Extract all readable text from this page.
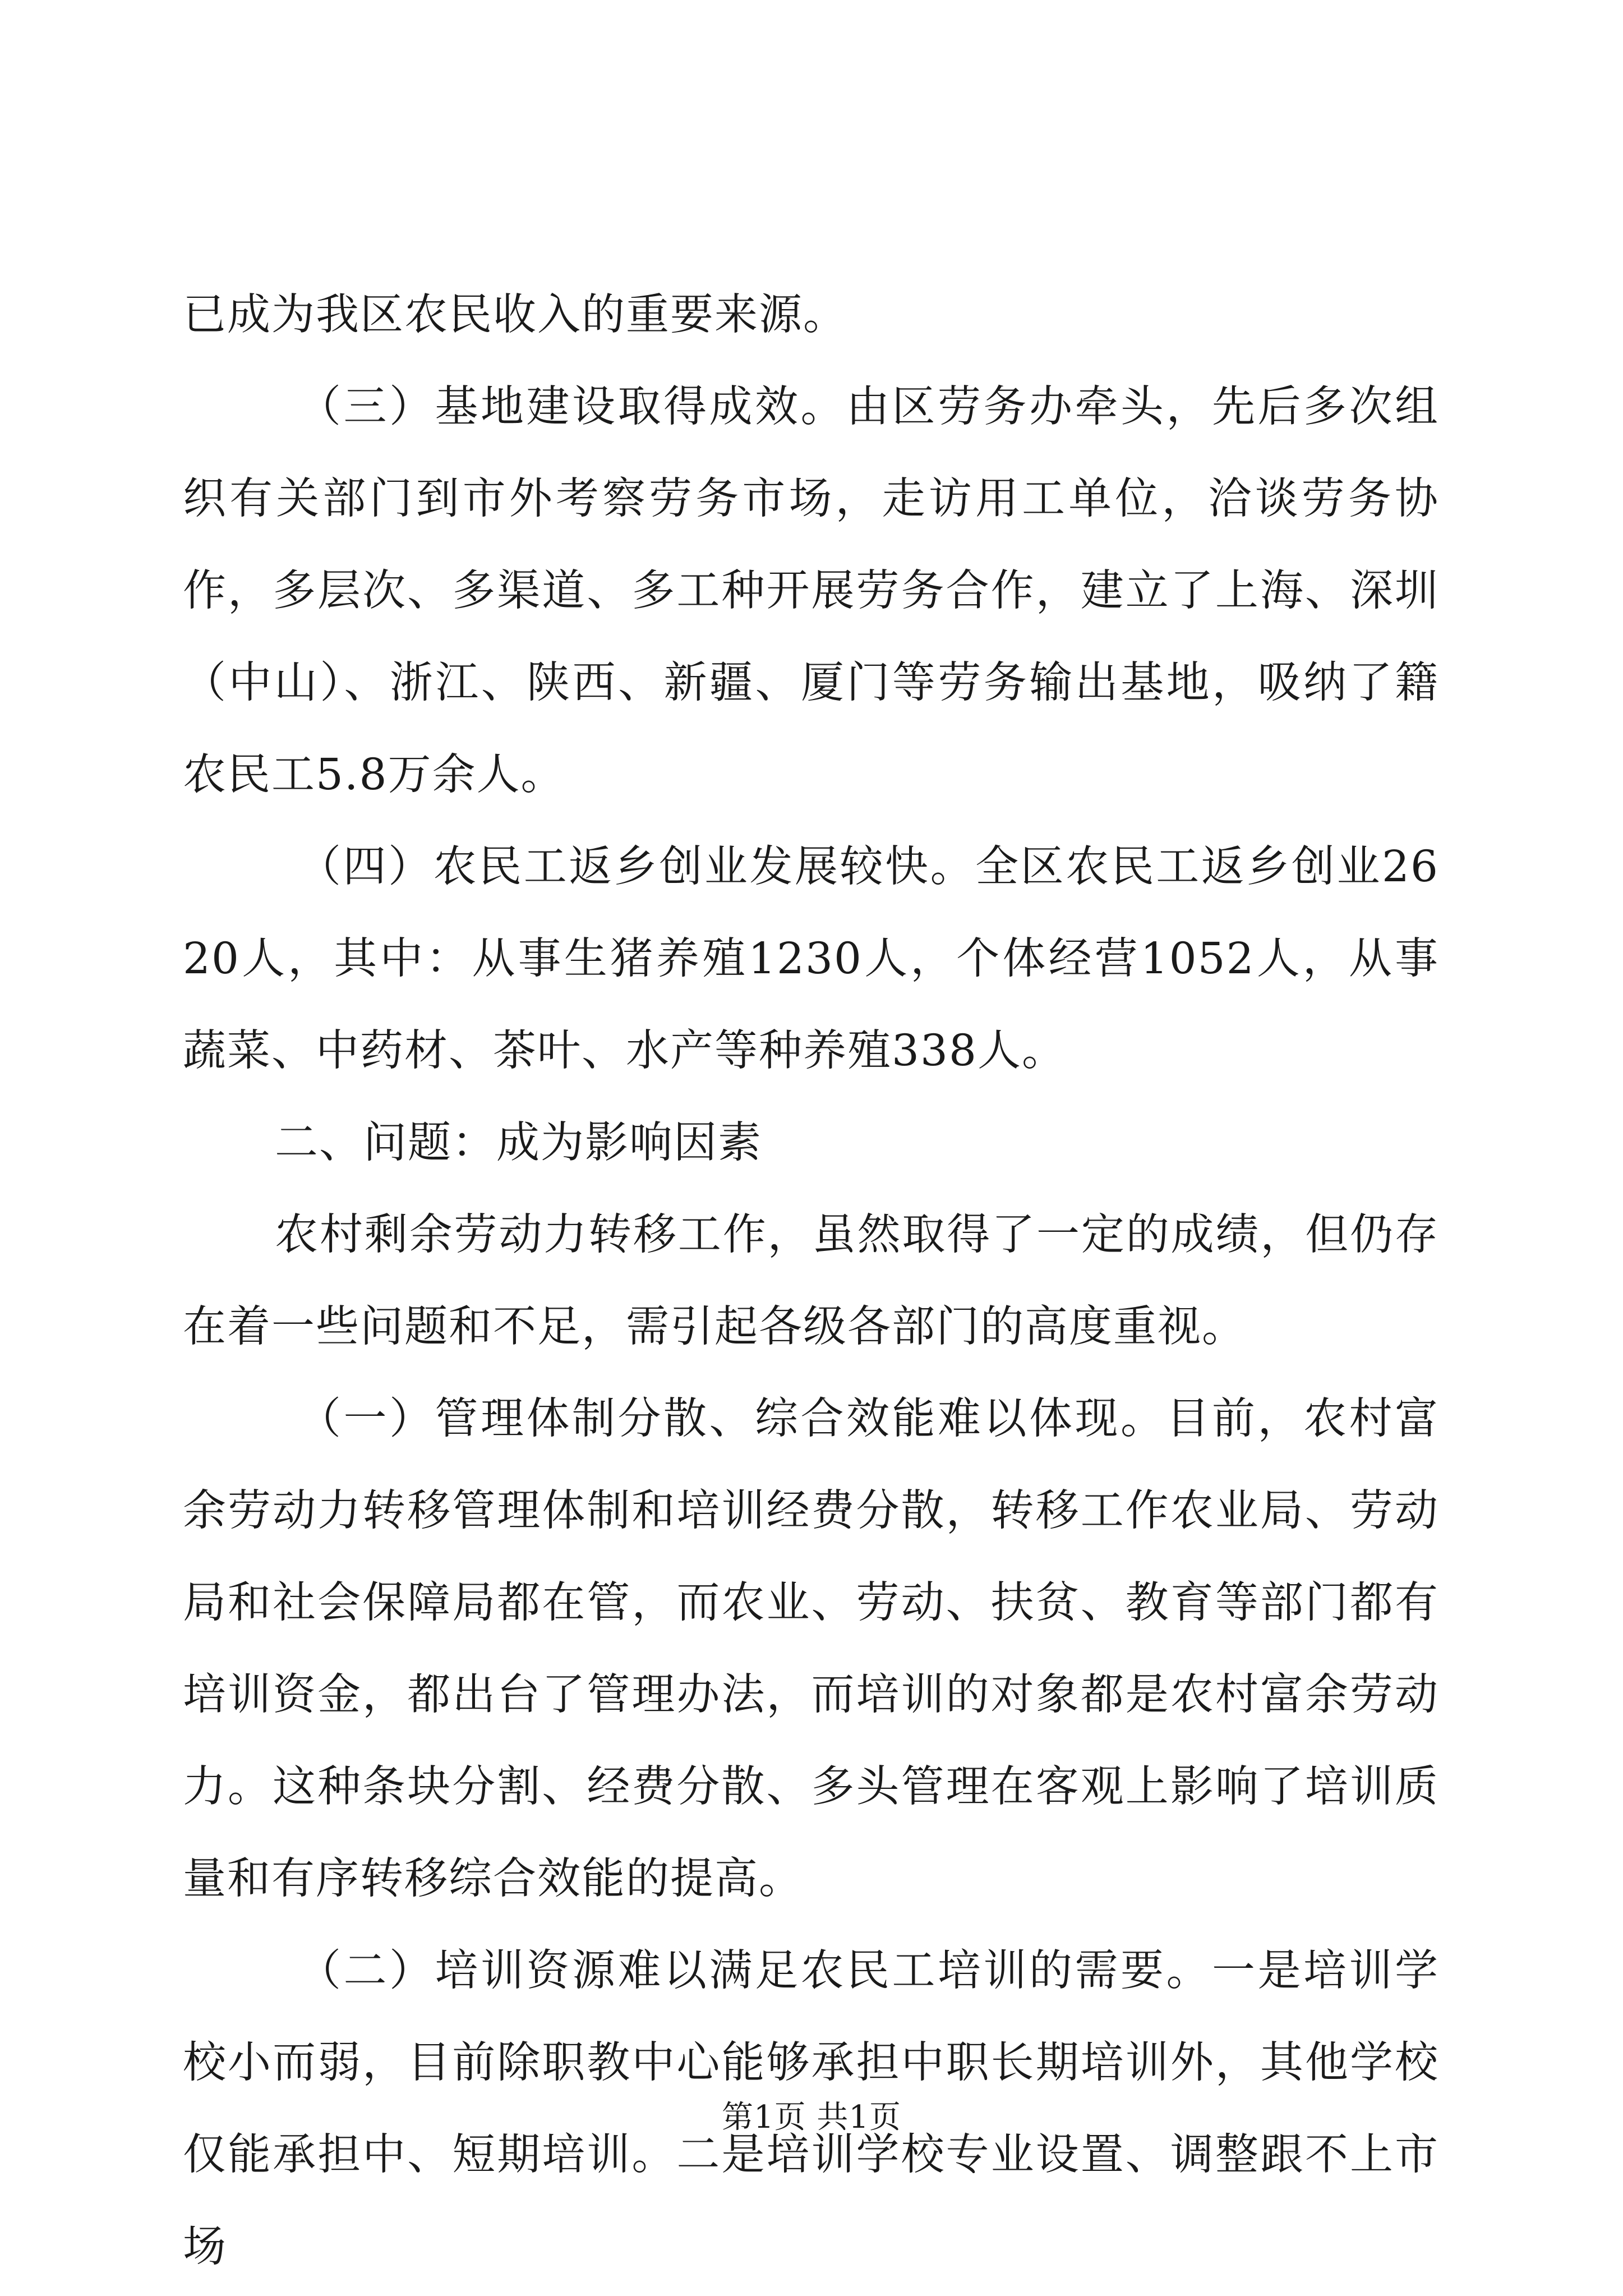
已成为我区农民收入的重要来源。

（三）基地建设取得成效。由区劳务办牵头，先后多次组织有关部门到市外考察劳务市场，走访用工单位，洽谈劳务协作，多层次、多渠道、多工种开展劳务合作，建立了上海、深圳（中山）、浙江、陕西、新疆、厦门等劳务输出基地，吸纳了籍农民工5.8万余人。

（四）农民工返乡创业发展较快。全区农民工返乡创业2620人，其中：从事生猪养殖1230人，个体经营1052人，从事蔬菜、中药材、茶叶、水产等种养殖338人。

二、问题：成为影响因素

农村剩余劳动力转移工作，虽然取得了一定的成绩，但仍存在着一些问题和不足，需引起各级各部门的高度重视。

（一）管理体制分散、综合效能难以体现。目前，农村富余劳动力转移管理体制和培训经费分散，转移工作农业局、劳动局和社会保障局都在管，而农业、劳动、扶贫、教育等部门都有培训资金，都出台了管理办法，而培训的对象都是农村富余劳动力。这种条块分割、经费分散、多头管理在客观上影响了培训质量和有序转移综合效能的提高。

（二）培训资源难以满足农民工培训的需要。一是培训学校小而弱，目前除职教中心能够承担中职长期培训外，其他学校仅能承担中、短期培训。二是培训学校专业设置、调整跟不上市场

第1页 共1页
